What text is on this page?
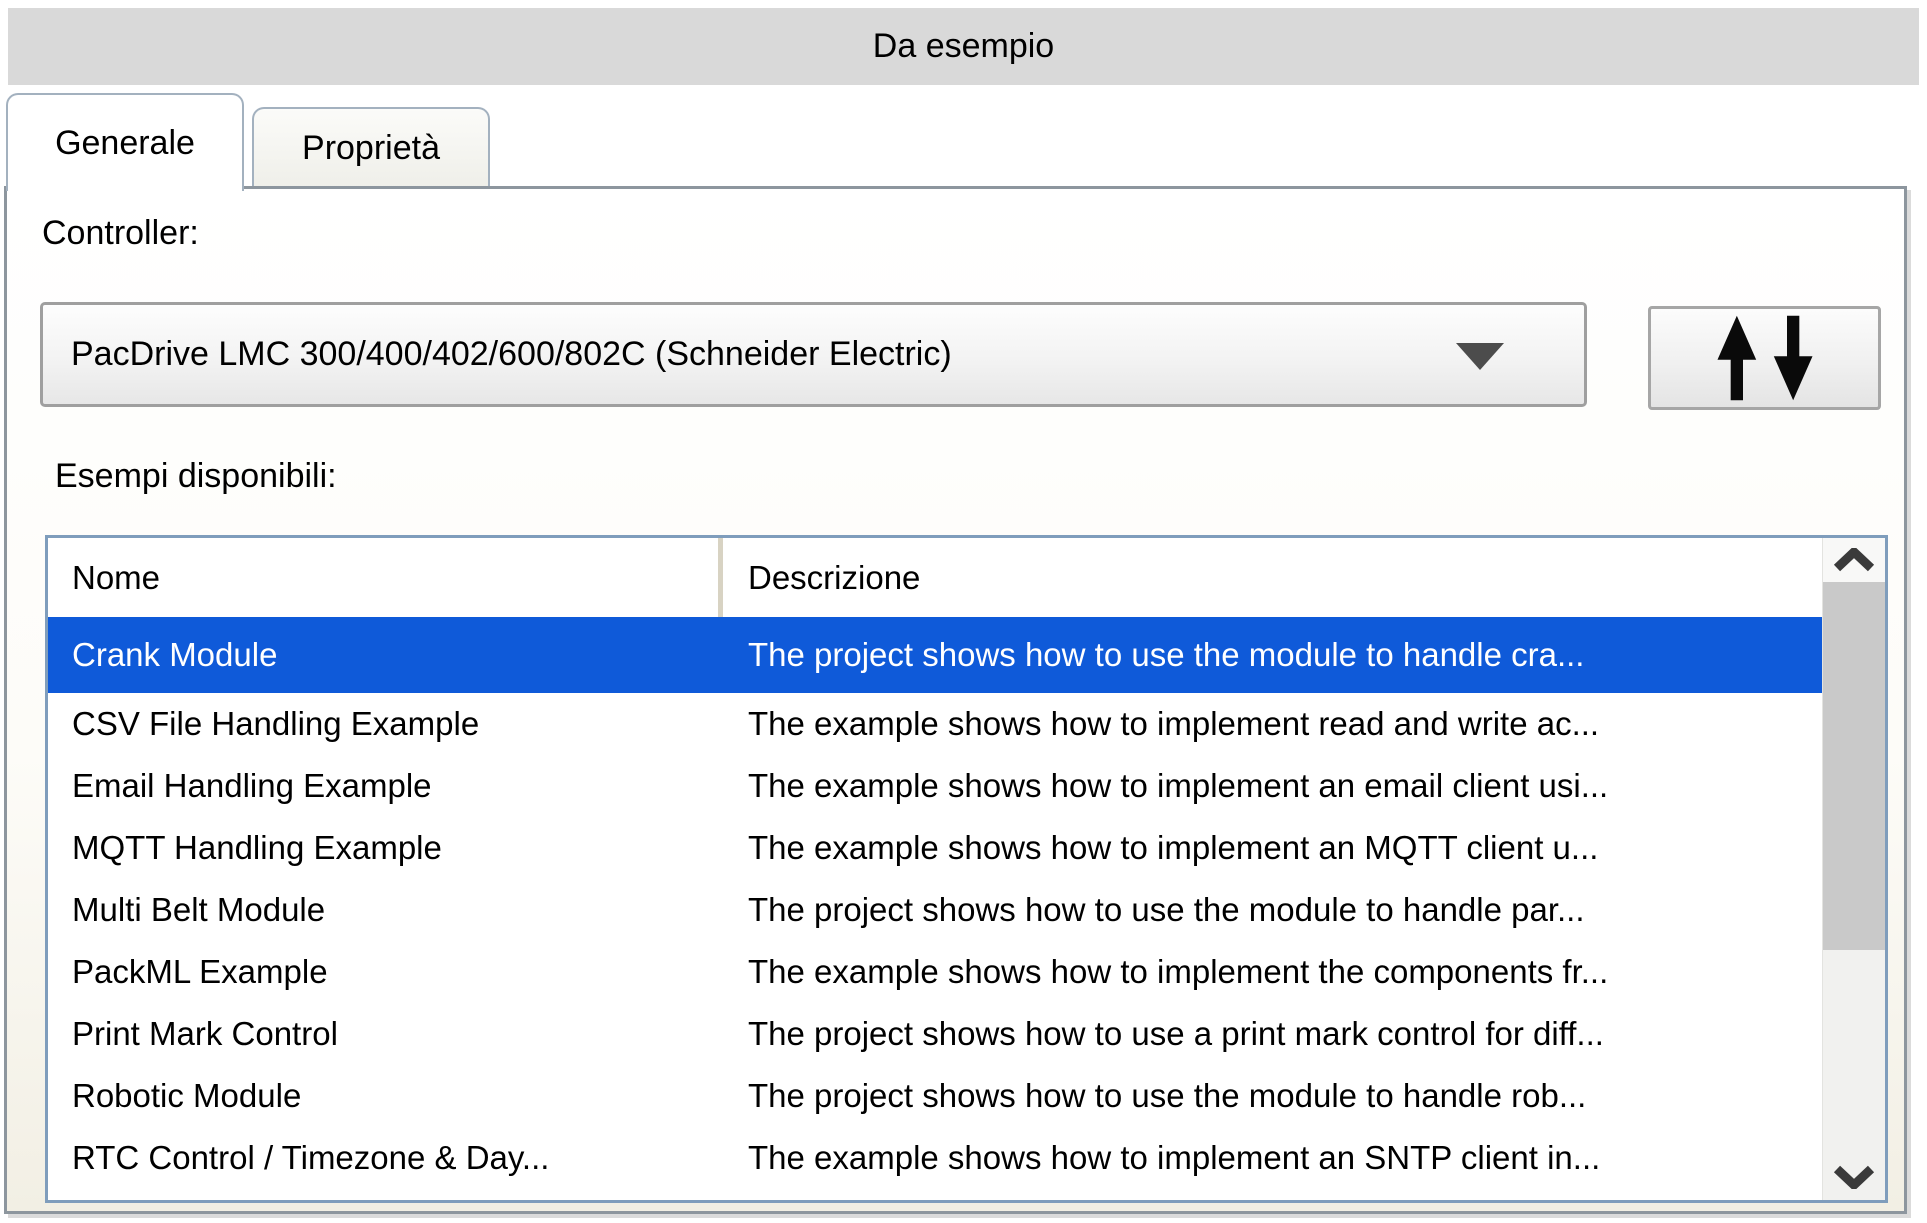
Da esempio
Generale	Proprietà
Controller:
PacDrive LMC 300/400/402/600/802C (Schneider Electric)
Esempi disponibili:
Nome	Descrizione
Crank Module	The project shows how to use the module to handle cra...
CSV File Handling Example	The example shows how to implement read and write ac...
Email Handling Example	The example shows how to implement an email client usi...
MQTT Handling Example	The example shows how to implement an MQTT client u...
Multi Belt Module	The project shows how to use the module to handle par...
PackML Example	The example shows how to implement the components fr...
Print Mark Control	The project shows how to use a print mark control for diff...
Robotic Module	The project shows how to use the module to handle rob...
RTC Control / Timezone & Day...	The example shows how to implement an SNTP client in...
